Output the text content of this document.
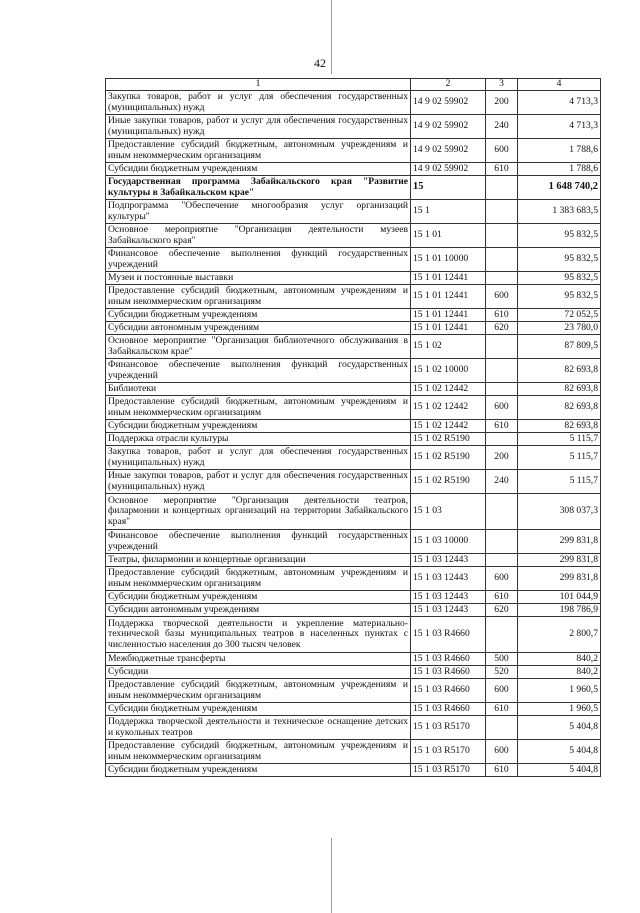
42
1	2	3	4
Закупка товаров, работ и услуг для обеспечения государственных (муниципальных) нужд	14 9 02 59902	200	4 713,3
Иные закупки товаров, работ и услуг для обеспечения государственных (муниципальных) нужд	14 9 02 59902	240	4 713,3
Предоставление субсидий бюджетным, автономным учреждениям и иным некоммерческим организациям	14 9 02 59902	600	1 788,6
Субсидии бюджетным учреждениям	14 9 02 59902	610	1 788,6
Государственная программа Забайкальского края "Развитие культуры в Забайкальском крае"	15		1 648 740,2
Подпрограмма "Обеспечение многообразия услуг организаций культуры"	15 1		1 383 683,5
Основное мероприятие "Организация деятельности музеев Забайкальского края"	15 1 01		95 832,5
Финансовое обеспечение выполнения функций государственных учреждений	15 1 01 10000		95 832,5
Музеи и постоянные выставки	15 1 01 12441		95 832,5
Предоставление субсидий бюджетным, автономным учреждениям и иным некоммерческим организациям	15 1 01 12441	600	95 832,5
Субсидии бюджетным учреждениям	15 1 01 12441	610	72 052,5
Субсидии автономным учреждениям	15 1 01 12441	620	23 780,0
Основное мероприятие "Организация библиотечного обслуживания в Забайкальском крае"	15 1 02		87 809,5
Финансовое обеспечение выполнения функций государственных учреждений	15 1 02 10000		82 693,8
Библиотеки	15 1 02 12442		82 693,8
Предоставление субсидий бюджетным, автономным учреждениям и иным некоммерческим организациям	15 1 02 12442	600	82 693,8
Субсидии бюджетным учреждениям	15 1 02 12442	610	82 693,8
Поддержка отрасли культуры	15 1 02 R5190		5 115,7
Закупка товаров, работ и услуг для обеспечения государственных (муниципальных) нужд	15 1 02 R5190	200	5 115,7
Иные закупки товаров, работ и услуг для обеспечения государственных (муниципальных) нужд	15 1 02 R5190	240	5 115,7
Основное мероприятие "Организация деятельности театров, филармонии и концертных организаций на территории Забайкальского края"	15 1 03		308 037,3
Финансовое обеспечение выполнения функций государственных учреждений	15 1 03 10000		299 831,8
Театры, филармонии и концертные организации	15 1 03 12443		299 831,8
Предоставление субсидий бюджетным, автономным учреждениям и иным некоммерческим организациям	15 1 03 12443	600	299 831,8
Субсидии бюджетным учреждениям	15 1 03 12443	610	101 044,9
Субсидии автономным учреждениям	15 1 03 12443	620	198 786,9
Поддержка творческой деятельности и укрепление материально-технической базы муниципальных театров в населенных пунктах с численностью населения до 300 тысяч человек	15 1 03 R4660		2 800,7
Межбюджетные трансферты	15 1 03 R4660	500	840,2
Субсидии	15 1 03 R4660	520	840,2
Предоставление субсидий бюджетным, автономным учреждениям и иным некоммерческим организациям	15 1 03 R4660	600	1 960,5
Субсидии бюджетным учреждениям	15 1 03 R4660	610	1 960,5
Поддержка творческой деятельности и техническое оснащение детских и кукольных театров	15 1 03 R5170		5 404,8
Предоставление субсидий бюджетным, автономным учреждениям и иным некоммерческим организациям	15 1 03 R5170	600	5 404,8
Субсидии бюджетным учреждениям	15 1 03 R5170	610	5 404,8
